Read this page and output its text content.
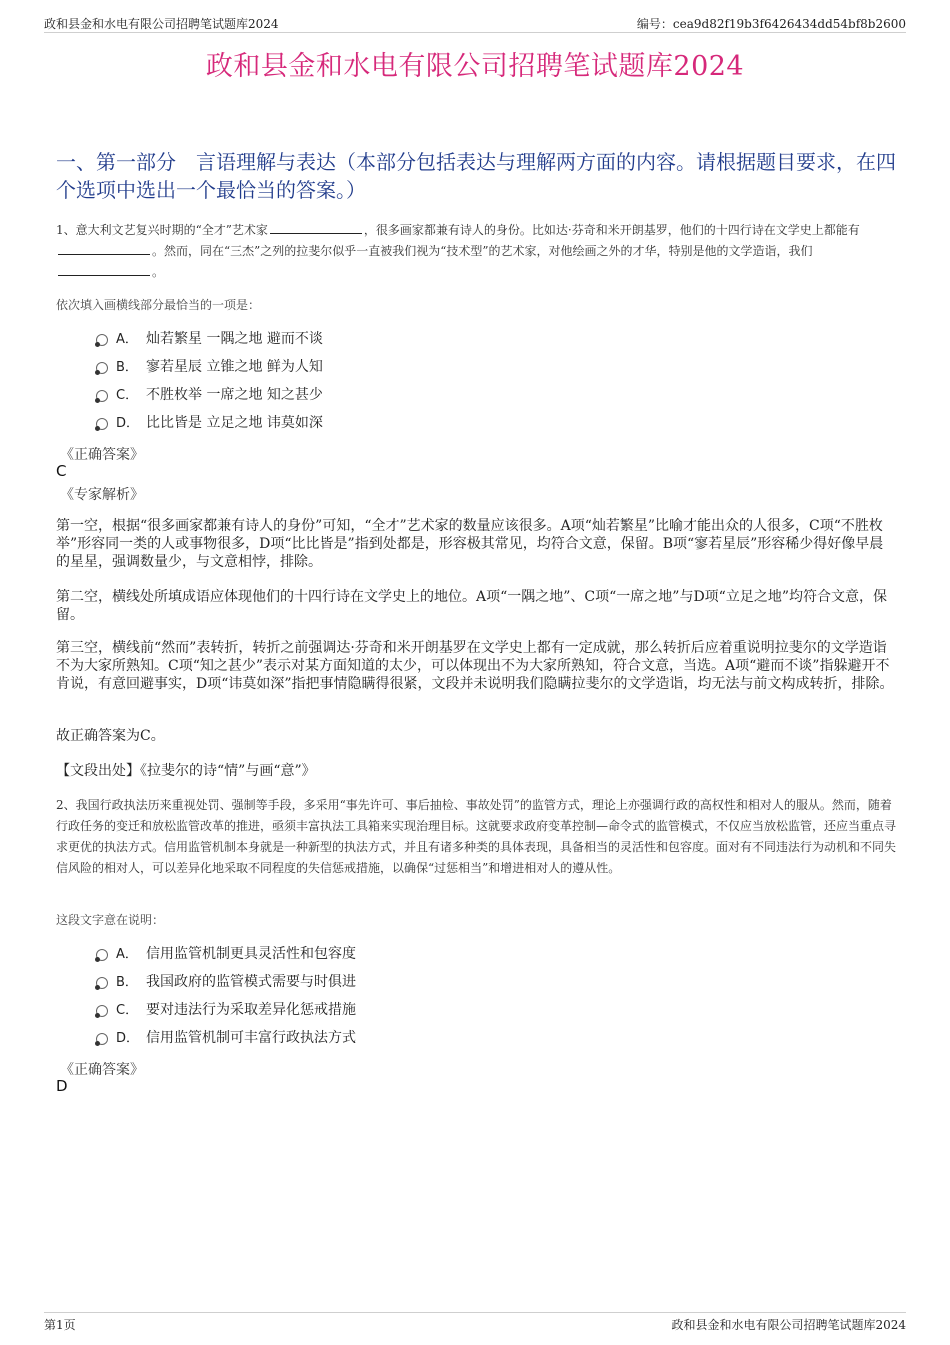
政和县金和水电有限公司招聘笔试题库2024	编号：cea9d82f19b3f6426434dd54bf8b2600
政和县金和水电有限公司招聘笔试题库2024
一、第一部分　言语理解与表达（本部分包括表达与理解两方面的内容。请根据题目要求，在四个选项中选出一个最恰当的答案。）
1、意大利文艺复兴时期的“全才”艺术家	，很多画家都兼有诗人的身份。比如达·芬奇和米开朗基罗，他们的十四行诗在文学史上都能有。然而，同在“三杰”之列的拉斐尔似乎一直被我们视为“技术型”的艺术家，对他绘画之外的才华，特别是他的文学造诣，我们。
依次填入画横线部分最恰当的一项是：
A． 灿若繁星 一隅之地 避而不谈
B． 寥若星辰 立锥之地 鲜为人知
C． 不胜枚举 一席之地 知之甚少
D． 比比皆是 立足之地 讳莫如深
《正确答案》
C
《专家解析》

第一空，根据“很多画家都兼有诗人的身份”可知，“全才”艺术家的数量应该很多。A项“灿若繁星”比喻才能出众的人很多，C项“不胜枚举”形容同一类的人或事物很多，D项“比比皆是”指到处都是，形容极其常见，均符合文意，保留。B项“寥若星辰”形容稀少得好像早晨的星星，强调数量少，与文意相悖，排除。

第二空，横线处所填成语应体现他们的十四行诗在文学史上的地位。A项“一隅之地”、C项“一席之地”与D项“立足之地”均符合文意，保留。

第三空，横线前“然而”表转折，转折之前强调达·芬奇和米开朗基罗在文学史上都有一定成就，那么转折后应着重说明拉斐尔的文学造诣不为大家所熟知。C项“知之甚少”表示对某方面知道的太少，可以体现出不为大家所熟知，符合文意，当选。A项“避而不谈”指躲避开不肯说，有意回避事实，D项“讳莫如深”指把事情隐瞒得很紧，文段并未说明我们隐瞒拉斐尔的文学造诣，均无法与前文构成转折，排除。

故正确答案为C。

【文段出处】《拉斐尔的诗“情”与画“意”》

2、我国行政执法历来重视处罚、强制等手段，多采用“事先许可、事后抽检、事故处罚”的监管方式，理论上亦强调行政的高权性和相对人的服从。然而，随着行政任务的变迁和放松监管改革的推进，亟须丰富执法工具箱来实现治理目标。这就要求政府变革控制—命令式的监管模式，不仅应当放松监管，还应当重点寻求更优的执法方式。信用监管机制本身就是一种新型的执法方式，并且有诸多种类的具体表现，具备相当的灵活性和包容度。面对有不同违法行为动机和不同失信风险的相对人，可以差异化地采取不同程度的失信惩戒措施，以确保“过惩相当”和增进相对人的遵从性。
这段文字意在说明：
A． 信用监管机制更具灵活性和包容度
B． 我国政府的监管模式需要与时俱进
C． 要对违法行为采取差异化惩戒措施
D． 信用监管机制可丰富行政执法方式
《正确答案》
D
第1页	政和县金和水电有限公司招聘笔试题库2024
